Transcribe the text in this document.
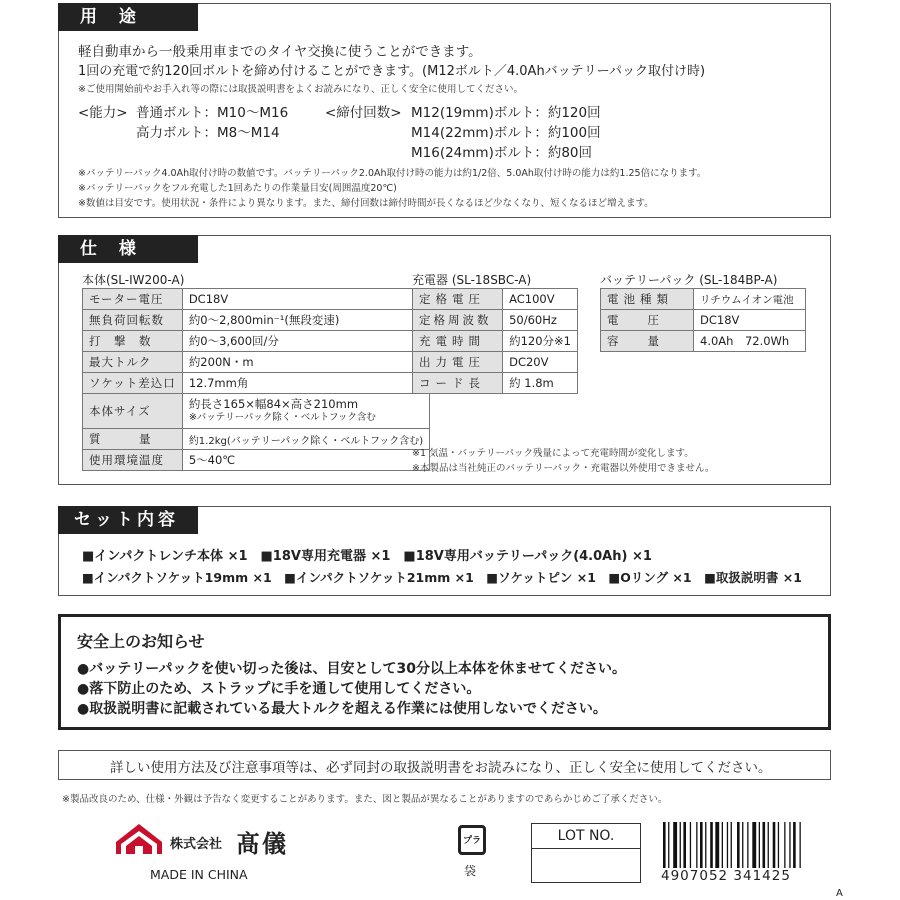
用 途
軽自動車から一般乗用車までのタイヤ交換に使うことができます。
1回の充電で約120回ボルトを締め付けることができます。(M12ボルト／4.0Ahバッテリーパック取付け時)
※ご使用開始前やお手入れ等の際には取扱説明書をよくお読みになり、正しく安全に使用してください。
<能力> 普通ボルト：M10～M16
高力ボルト：M8～M14
<締付回数> M12(19mm)ボルト：約120回
M14(22mm)ボルト：約100回
M16(24mm)ボルト：約80回
※バッテリーパック4.0Ah取付け時の数値です。バッテリーパック2.0Ah取付け時の能力は約1/2倍、5.0Ah取付け時の能力は約1.25倍になります。
※バッテリーパックをフル充電した1回あたりの作業量目安(周囲温度20℃)
※数値は目安です。使用状況・条件により異なります。また、締付回数は締付時間が長くなるほど少なくなり、短くなるほど増えます。
仕 様
本体(SL-IW200-A)
モーター電圧	DC18V
無負荷回転数	約0～2,800min⁻¹(無段変速)
打　撃　数	約0～3,600回/分
最大トルク	約200N・m
ソケット差込口	12.7mm角
本体サイズ	約長さ165×幅84×高さ210mm
※バッテリーパック除く・ベルトフック含む

質　　　量	約1.2kg(バッテリーパック除く・ベルトフック含む)
使用環境温度	5～40℃
充電器 (SL-18SBC-A)
定格電圧	AC100V
定格周波数	50/60Hz
充電時間	約120分※1
出力電圧	DC20V
コード長	約 1.8m
バッテリーパック (SL-184BP-A)
電池種類	リチウムイオン電池
電　　圧	DC18V
容　　量	4.0Ah　72.0Wh
※1 気温・バッテリーパック残量によって充電時間が変化します。
※本製品は当社純正のバッテリーパック・充電器以外使用できません。
セット内容
■インパクトレンチ本体 ×1　■18V専用充電器 ×1　■18V専用バッテリーパック(4.0Ah) ×1
■インパクトソケット19mm ×1　■インパクトソケット21mm ×1　■ソケットピン ×1　■Oリング ×1　■取扱説明書 ×1
安全上のお知らせ
●バッテリーパックを使い切った後は、目安として30分以上本体を休ませてください。
●落下防止のため、ストラップに手を通して使用してください。
●取扱説明書に記載されている最大トルクを超える作業には使用しないでください。
詳しい使用方法及び注意事項等は、必ず同封の取扱説明書をお読みになり、正しく安全に使用してください。
※製品改良のため、仕様・外観は予告なく変更することがあります。また、図と製品が異なることがありますのであらかじめご了承ください。
株式会社 髙儀
MADE IN CHINA
プラ
袋
LOT NO.
4907052 341425
A
